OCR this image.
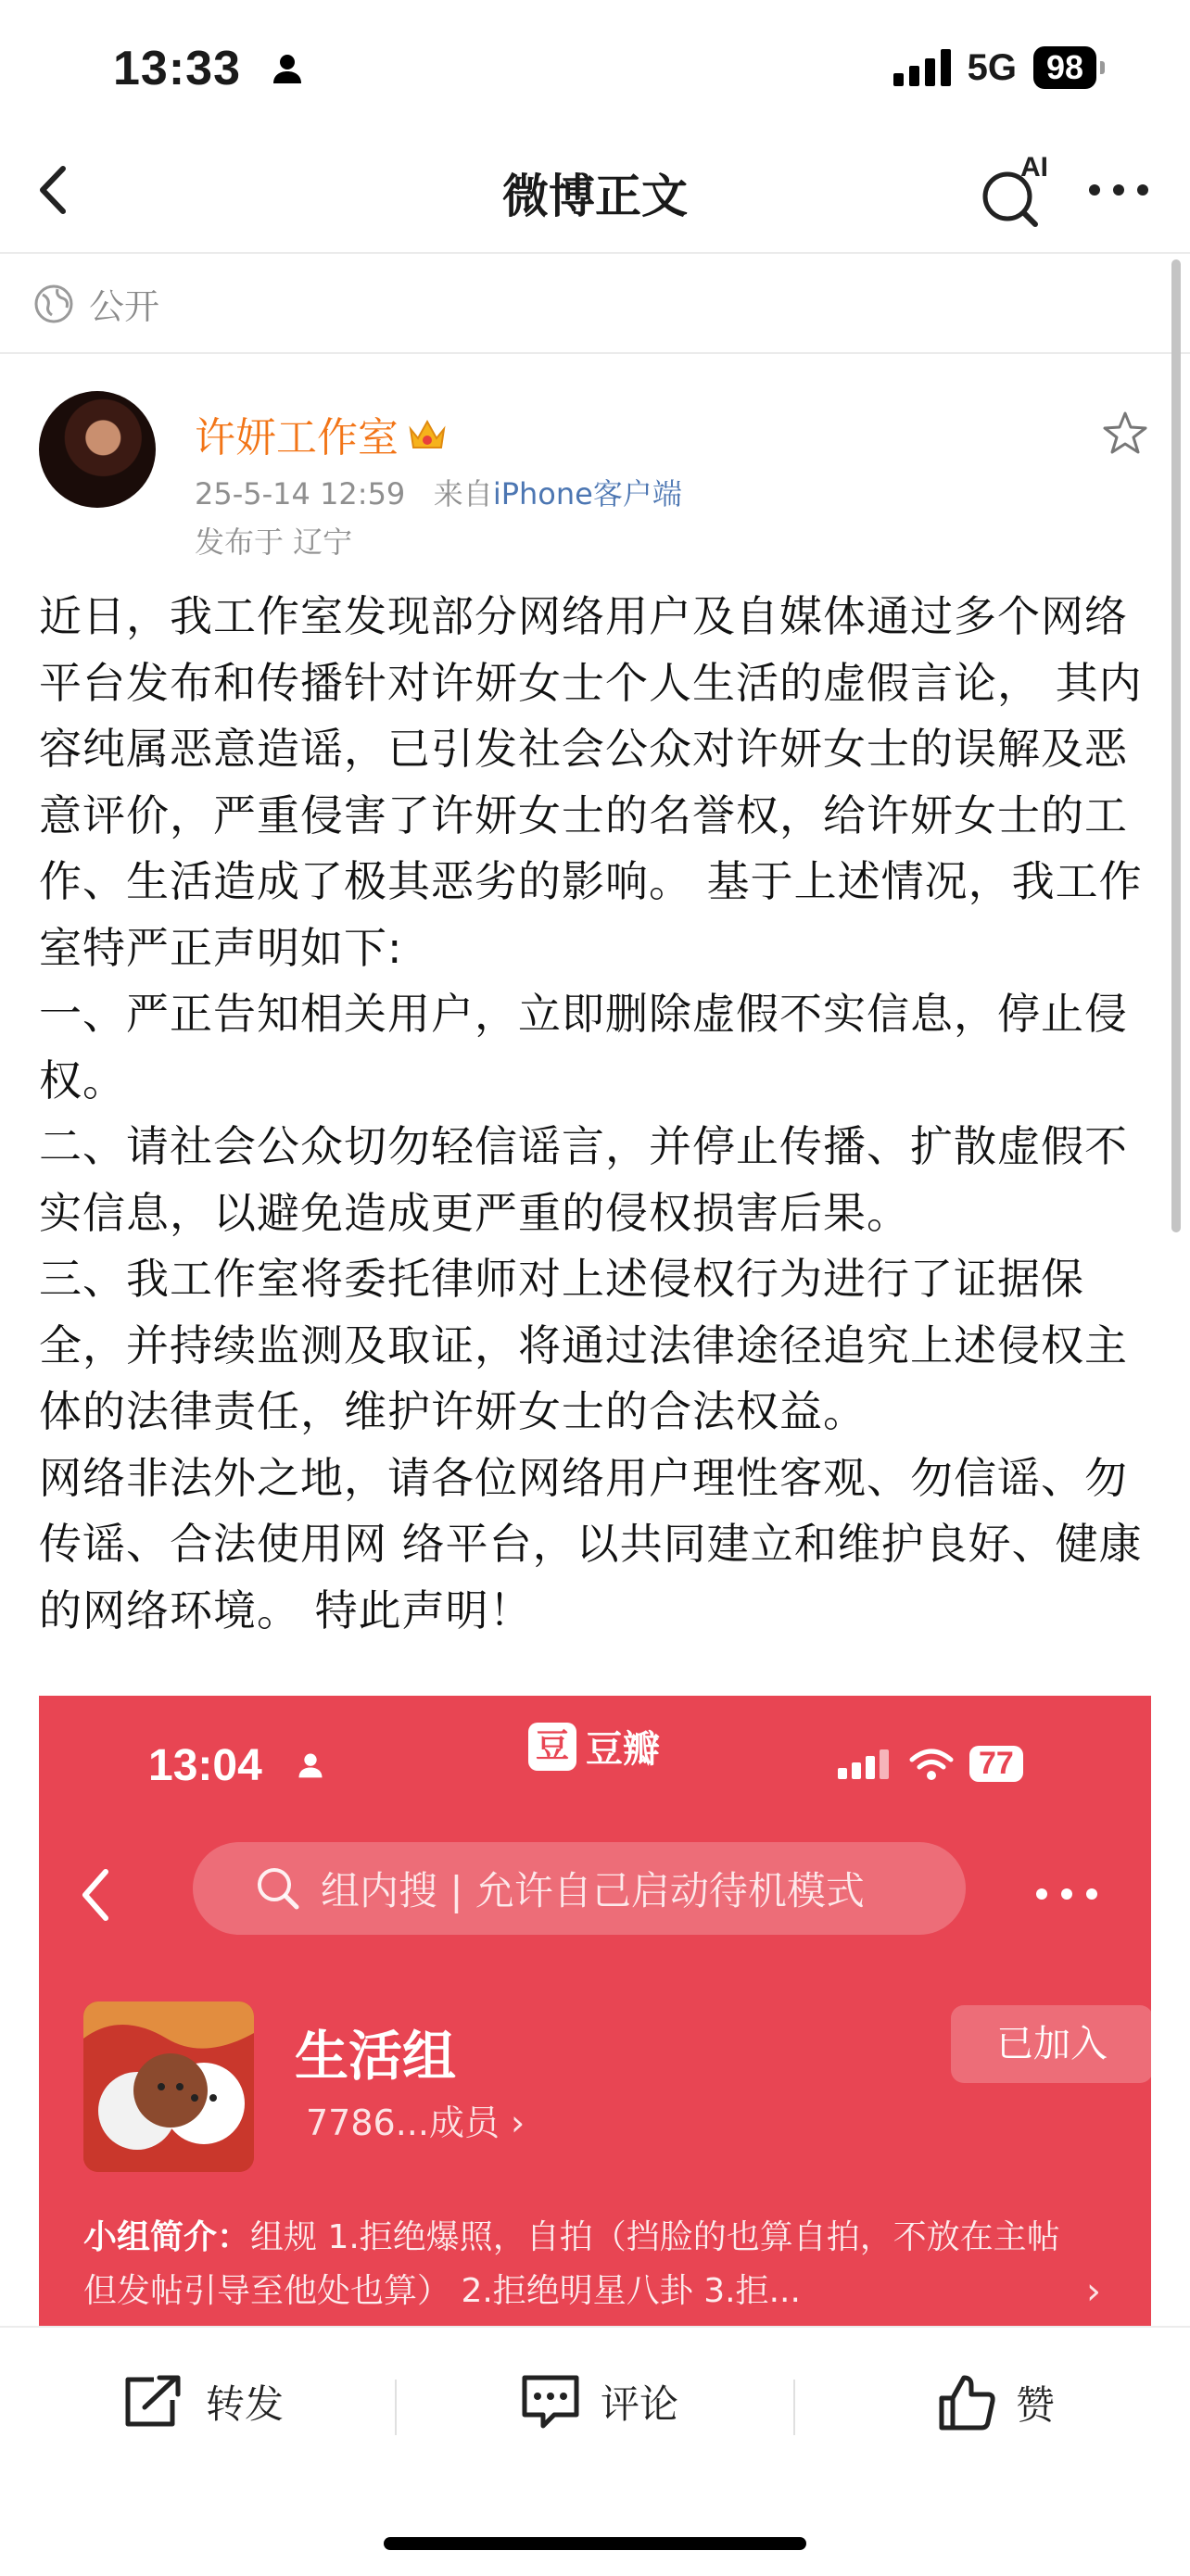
13:33	5G 98
微博正文
AI
公开
许妍工作室
25-5-14 12:59 来自iPhone客户端
发布于 辽宁
近日，我工作室发现部分网络用户及自媒体通过多个网络平台发布和传播针对许妍女士个人生活的虚假言论， 其内容纯属恶意造谣，已引发社会公众对许妍女士的误解及恶意评价，严重侵害了许妍女士的名誉权，给许妍女士的工作、生活造成了极其恶劣的影响。 基于上述情况，我工作室特严正声明如下:
一、严正告知相关用户，立即删除虚假不实信息，停止侵权。
二、请社会公众切勿轻信谣言，并停止传播、扩散虚假不实信息，以避免造成更严重的侵权损害后果。
三、我工作室将委托律师对上述侵权行为进行了证据保全，并持续监测及取证，将通过法律途径追究上述侵权主体的法律责任，维护许妍女士的合法权益。
网络非法外之地，请各位网络用户理性客观、勿信谣、勿传谣、合法使用网 络平台，以共同建立和维护良好、健康的网络环境。 特此声明！
13:04	豆 豆瓣	77
组内搜 | 允许自己启动待机模式
生活组
7786...成员 ›
已加入
小组简介：组规 1.拒绝爆照，自拍（挡脸的也算自拍，不放在主帖但发帖引导至他处也算） 2.拒绝明星八卦 3.拒...	›
转发	评论	赞
